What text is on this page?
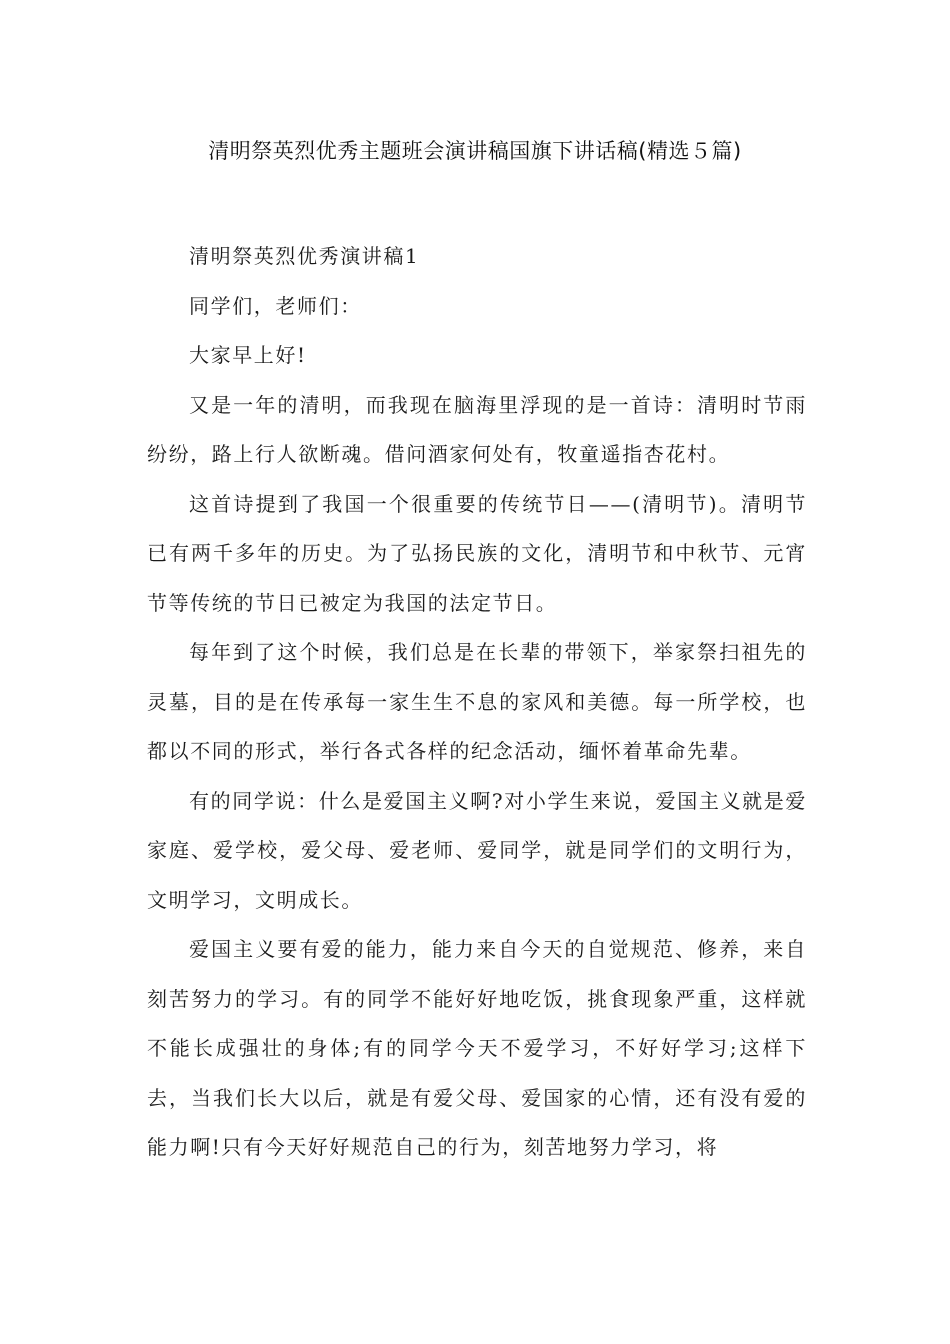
清明祭英烈优秀主题班会演讲稿国旗下讲话稿(精选５篇)

清明祭英烈优秀演讲稿1

同学们，老师们：

大家早上好!

又是一年的清明，而我现在脑海里浮现的是一首诗：清明时节雨纷纷，路上行人欲断魂。借问酒家何处有，牧童遥指杏花村。

这首诗提到了我国一个很重要的传统节日——(清明节)。清明节已有两千多年的历史。为了弘扬民族的文化，清明节和中秋节、元宵节等传统的节日已被定为我国的法定节日。

每年到了这个时候，我们总是在长辈的带领下，举家祭扫祖先的灵墓，目的是在传承每一家生生不息的家风和美德。每一所学校，也都以不同的形式，举行各式各样的纪念活动，缅怀着革命先辈。

有的同学说：什么是爱国主义啊?对小学生来说，爱国主义就是爱家庭、爱学校，爱父母、爱老师、爱同学，就是同学们的文明行为，文明学习，文明成长。

爱国主义要有爱的能力，能力来自今天的自觉规范、修养，来自刻苦努力的学习。有的同学不能好好地吃饭，挑食现象严重，这样就不能长成强壮的身体;有的同学今天不爱学习，不好好学习;这样下去，当我们长大以后，就是有爱父母、爱国家的心情，还有没有爱的能力啊!只有今天好好规范自己的行为，刻苦地努力学习，将
